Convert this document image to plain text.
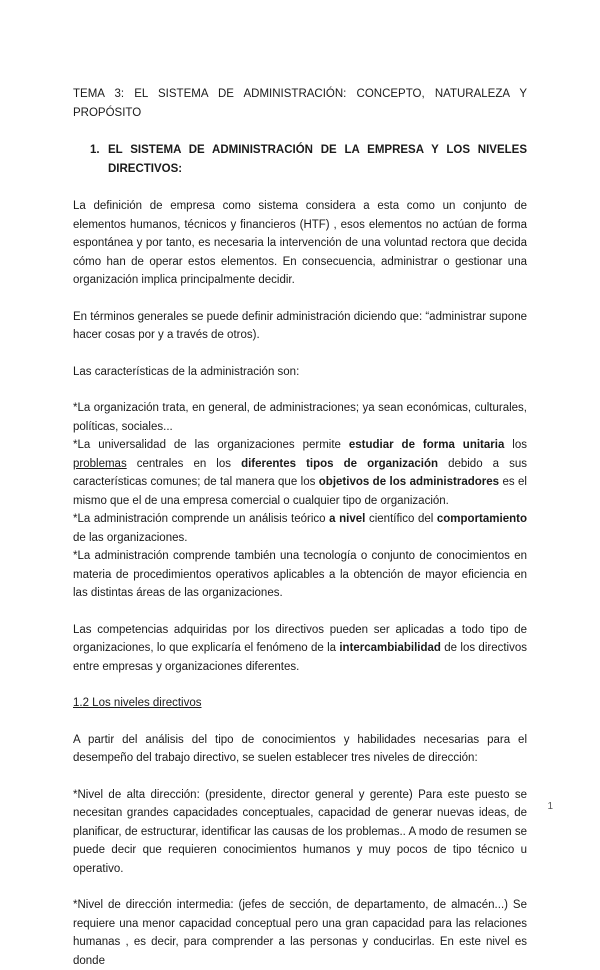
TEMA 3: EL SISTEMA DE ADMINISTRACIÓN: CONCEPTO, NATURALEZA Y PROPÓSITO

1. EL SISTEMA DE ADMINISTRACIÓN DE LA EMPRESA Y LOS NIVELES DIRECTIVOS:

La definición de empresa como sistema considera a esta como un conjunto de elementos humanos, técnicos y financieros (HTF) , esos elementos no actúan de forma espontánea y por tanto, es necesaria la intervención de una voluntad rectora que decida cómo han de operar estos elementos. En consecuencia, administrar o gestionar una organización implica principalmente decidir.

En términos generales se puede definir administración diciendo que: “administrar supone hacer cosas por y a través de otros).

Las características de la administración son:

*La organización trata, en general, de administraciones; ya sean económicas, culturales, políticas, sociales...

*La universalidad de las organizaciones permite estudiar de forma unitaria los problemas centrales en los diferentes tipos de organización debido a sus características comunes; de tal manera que los objetivos de los administradores es el mismo que el de una empresa comercial o cualquier tipo de organización.

*La administración comprende un análisis teórico a nivel científico del comportamiento de las organizaciones.

*La administración comprende también una tecnología o conjunto de conocimientos en materia de procedimientos operativos aplicables a la obtención de mayor eficiencia en las distintas áreas de las organizaciones.

Las competencias adquiridas por los directivos pueden ser aplicadas a todo tipo de organizaciones, lo que explicaría el fenómeno de la intercambiabilidad de los directivos entre empresas y organizaciones diferentes.

1.2 Los niveles directivos

A partir del análisis del tipo de conocimientos y habilidades necesarias para el desempeño del trabajo directivo, se suelen establecer tres niveles de dirección:

*Nivel de alta dirección: (presidente, director general y gerente) Para este puesto se necesitan grandes capacidades conceptuales, capacidad de generar nuevas ideas, de planificar, de estructurar, identificar las causas de los problemas.. A modo de resumen se puede decir que requieren conocimientos humanos y muy pocos de tipo técnico u operativo.

*Nivel de dirección intermedia: (jefes de sección, de departamento, de almacén...) Se requiere una menor capacidad conceptual pero una gran capacidad para las relaciones humanas , es decir, para comprender a las personas y conducirlas. En este nivel es donde

1
